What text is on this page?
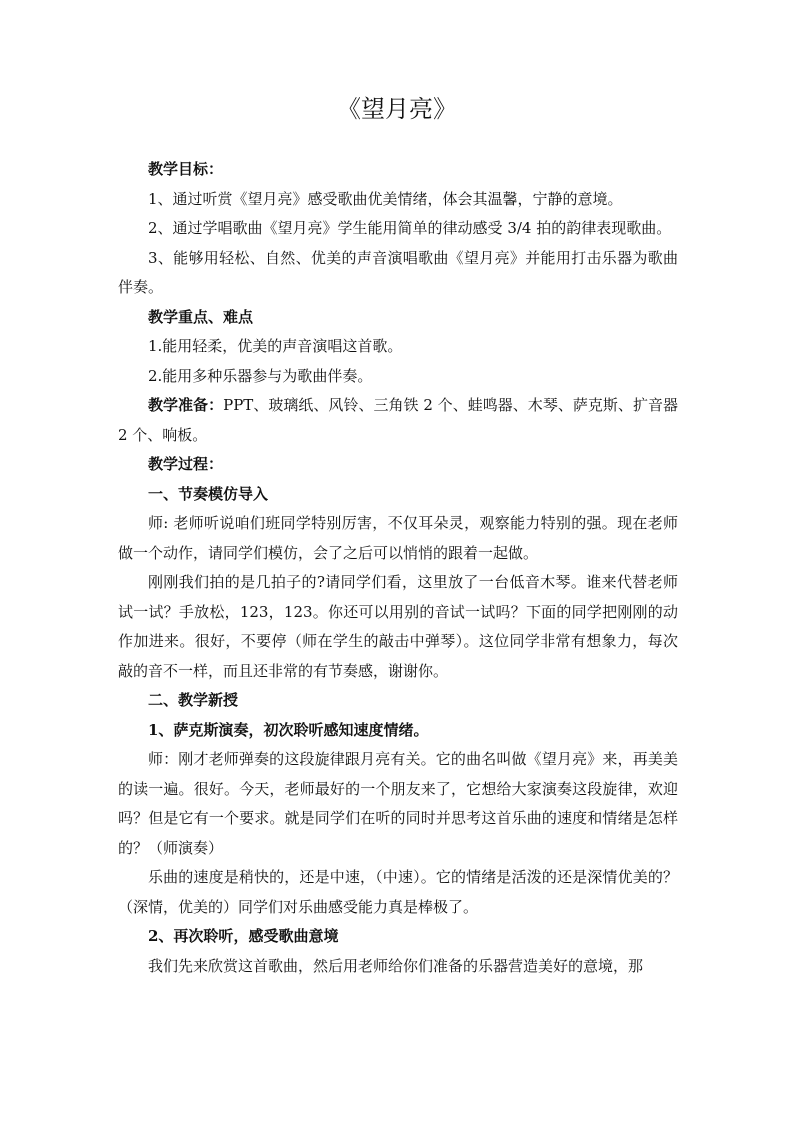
《望月亮》

教学目标：

1、通过听赏《望月亮》感受歌曲优美情绪，体会其温馨，宁静的意境。

2、通过学唱歌曲《望月亮》学生能用简单的律动感受 3/4 拍的韵律表现歌曲。

3、能够用轻松、自然、优美的声音演唱歌曲《望月亮》并能用打击乐器为歌曲伴奏。

教学重点、难点

1.能用轻柔，优美的声音演唱这首歌。

2.能用多种乐器参与为歌曲伴奏。

教学准备：PPT、玻璃纸、风铃、三角铁 2 个、蛙鸣器、木琴、萨克斯、扩音器 2 个、响板。

教学过程：

一、节奏模仿导入

师: 老师听说咱们班同学特别厉害，不仅耳朵灵，观察能力特别的强。现在老师做一个动作，请同学们模仿，会了之后可以悄悄的跟着一起做。

刚刚我们拍的是几拍子的?请同学们看，这里放了一台低音木琴。谁来代替老师试一试？手放松，123，123。你还可以用别的音试一试吗？下面的同学把刚刚的动作加进来。很好，不要停（师在学生的敲击中弹琴）。这位同学非常有想象力，每次敲的音不一样，而且还非常的有节奏感，谢谢你。

二、教学新授

1、萨克斯演奏，初次聆听感知速度情绪。

师：刚才老师弹奏的这段旋律跟月亮有关。它的曲名叫做《望月亮》来，再美美的读一遍。很好。今天，老师最好的一个朋友来了，它想给大家演奏这段旋律，欢迎吗？但是它有一个要求。就是同学们在听的同时并思考这首乐曲的速度和情绪是怎样的？（师演奏）

乐曲的速度是稍快的，还是中速，（中速）。它的情绪是活泼的还是深情优美的？（深情，优美的）同学们对乐曲感受能力真是棒极了。

2、再次聆听，感受歌曲意境

我们先来欣赏这首歌曲，然后用老师给你们准备的乐器营造美好的意境，那
